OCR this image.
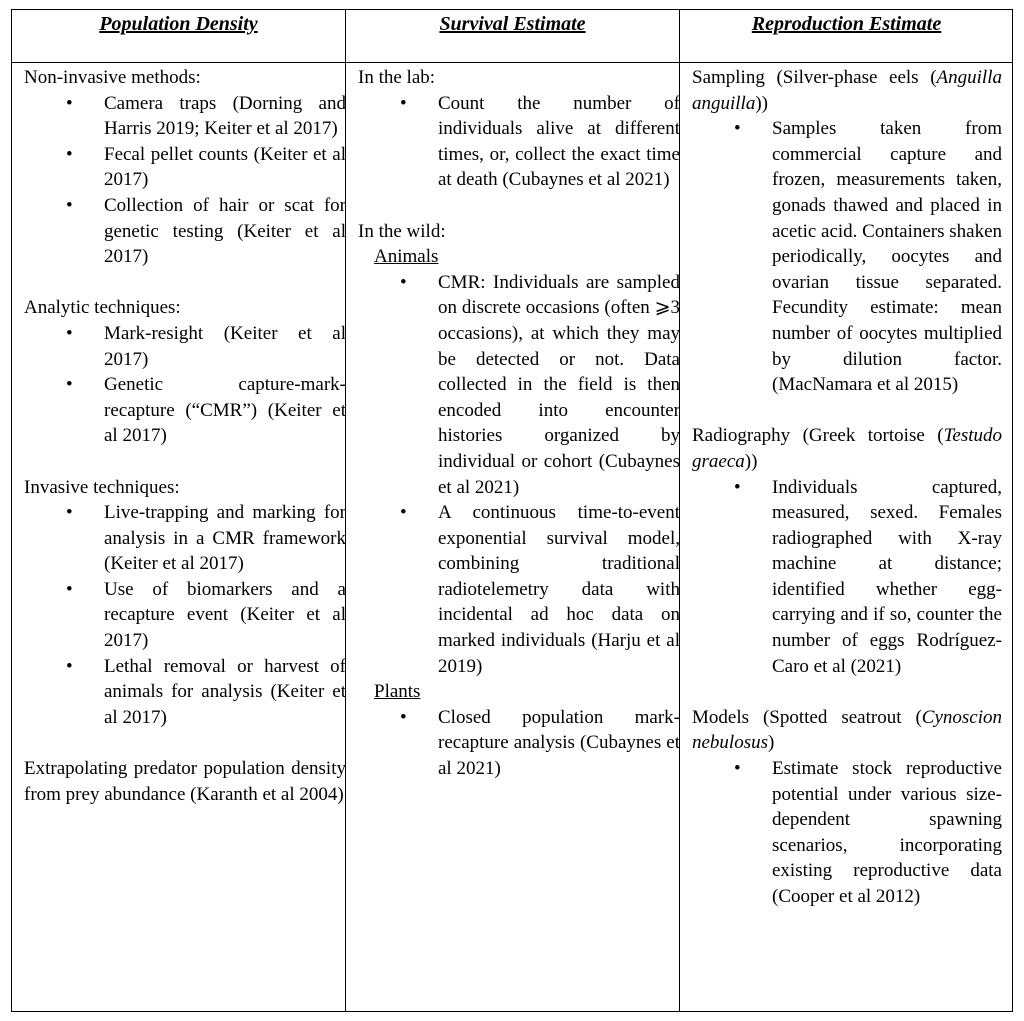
Population Density	Survival Estimate	Reproduction Estimate

Non-invasive methods:

• Camera traps (Dorning and Harris 2019; Keiter et al 2017)
• Fecal pellet counts (Keiter et al 2017)
• Collection of hair or scat for genetic testing (Keiter et al 2017)

Analytic techniques:

• Mark-resight (Keiter et al 2017)
• Genetic capture-mark-recapture (“CMR”) (Keiter et al 2017)

Invasive techniques:

• Live-trapping and marking for analysis in a CMR framework (Keiter et al 2017)
• Use of biomarkers and a recapture event (Keiter et al 2017)
• Lethal removal or harvest of animals for analysis (Keiter et al 2017)

Extrapolating predator population density from prey abundance (Karanth et al 2004)

In the lab:

• Count the number of individuals alive at different times, or, collect the exact time at death (Cubaynes et al 2021)

In the wild:

Animals

• CMR: Individuals are sampled on discrete occasions (often ⩾3 occasions), at which they may be detected or not. Data collected in the field is then encoded into encounter histories organized by individual or cohort (Cubaynes et al 2021)
• A continuous time-to-event exponential survival model, combining traditional radiotelemetry data with incidental ad hoc data on marked individuals (Harju et al 2019)

Plants

• Closed population mark-recapture analysis (Cubaynes et al 2021)

Sampling (Silver-phase eels (Anguilla anguilla))

• Samples taken from commercial capture and frozen, measurements taken, gonads thawed and placed in acetic acid. Containers shaken periodically, oocytes and ovarian tissue separated. Fecundity estimate: mean number of oocytes multiplied by dilution factor. (MacNamara et al 2015)

Radiography (Greek tortoise (Testudo graeca))

• Individuals captured, measured, sexed. Females radiographed with X-ray machine at distance; identified whether egg-carrying and if so, counter the number of eggs Rodríguez-Caro et al (2021)

Models (Spotted seatrout (Cynoscion nebulosus)

• Estimate stock reproductive potential under various size-dependent spawning scenarios, incorporating existing reproductive data (Cooper et al 2012)
